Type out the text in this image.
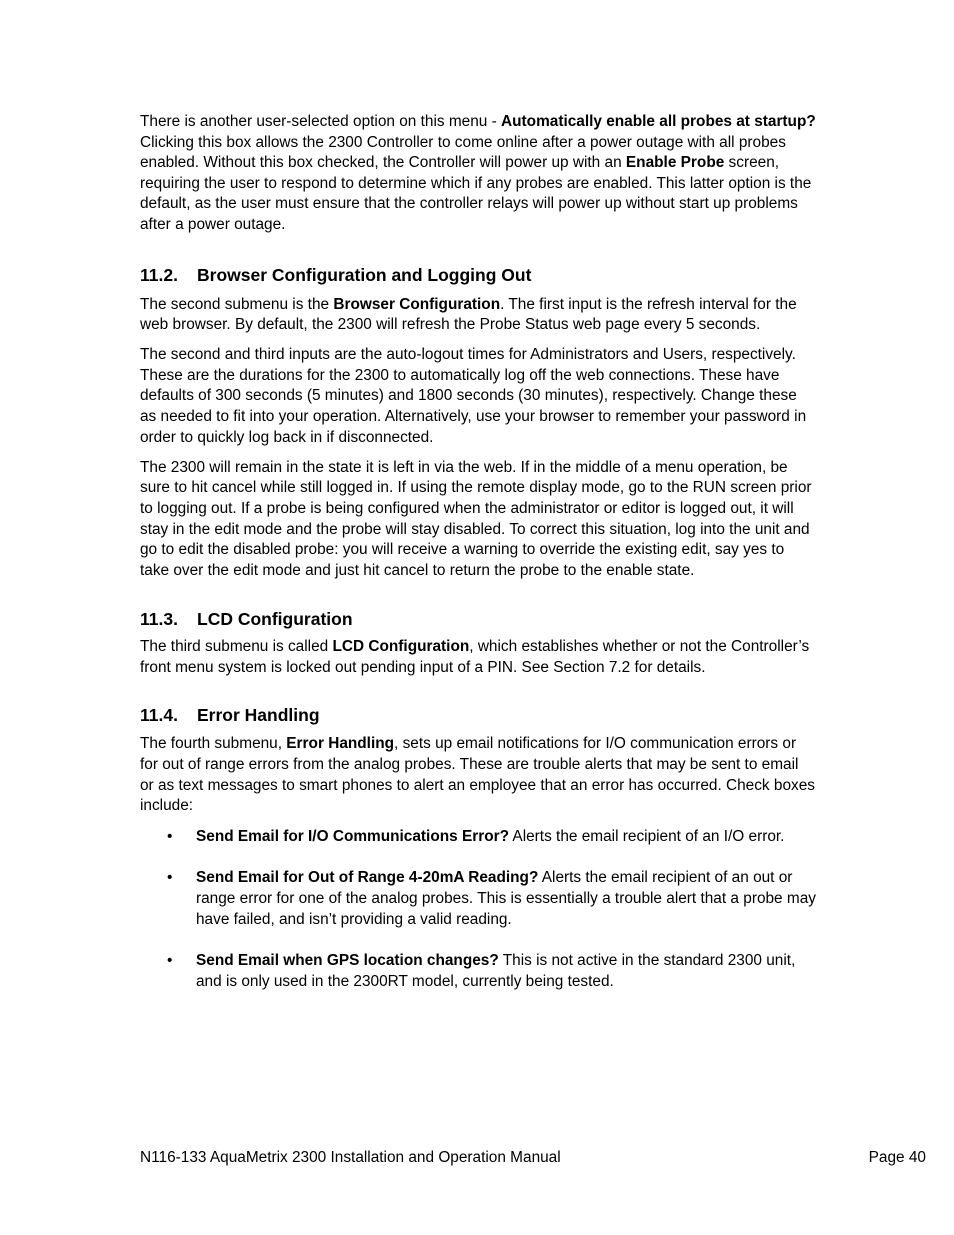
There is another user-selected option on this menu - Automatically enable all probes at startup? Clicking this box allows the 2300 Controller to come online after a power outage with all probes enabled. Without this box checked, the Controller will power up with an Enable Probe screen, requiring the user to respond to determine which if any probes are enabled. This latter option is the default, as the user must ensure that the controller relays will power up without start up problems after a power outage.

11.2. Browser Configuration and Logging Out

The second submenu is the Browser Configuration. The first input is the refresh interval for the web browser. By default, the 2300 will refresh the Probe Status web page every 5 seconds.

The second and third inputs are the auto-logout times for Administrators and Users, respectively. These are the durations for the 2300 to automatically log off the web connections. These have defaults of 300 seconds (5 minutes) and 1800 seconds (30 minutes), respectively. Change these as needed to fit into your operation. Alternatively, use your browser to remember your password in order to quickly log back in if disconnected.

The 2300 will remain in the state it is left in via the web. If in the middle of a menu operation, be sure to hit cancel while still logged in. If using the remote display mode, go to the RUN screen prior to logging out. If a probe is being configured when the administrator or editor is logged out, it will stay in the edit mode and the probe will stay disabled. To correct this situation, log into the unit and go to edit the disabled probe: you will receive a warning to override the existing edit, say yes to take over the edit mode and just hit cancel to return the probe to the enable state.

11.3. LCD Configuration

The third submenu is called LCD Configuration, which establishes whether or not the Controller’s front menu system is locked out pending input of a PIN. See Section 7.2 for details.

11.4. Error Handling

The fourth submenu, Error Handling, sets up email notifications for I/O communication errors or for out of range errors from the analog probes. These are trouble alerts that may be sent to email or as text messages to smart phones to alert an employee that an error has occurred. Check boxes include:

• Send Email for I/O Communications Error? Alerts the email recipient of an I/O error.
• Send Email for Out of Range 4-20mA Reading? Alerts the email recipient of an out or range error for one of the analog probes. This is essentially a trouble alert that a probe may have failed, and isn’t providing a valid reading.
• Send Email when GPS location changes? This is not active in the standard 2300 unit, and is only used in the 2300RT model, currently being tested.
N116-133 AquaMetrix 2300 Installation and Operation Manual	Page 40
